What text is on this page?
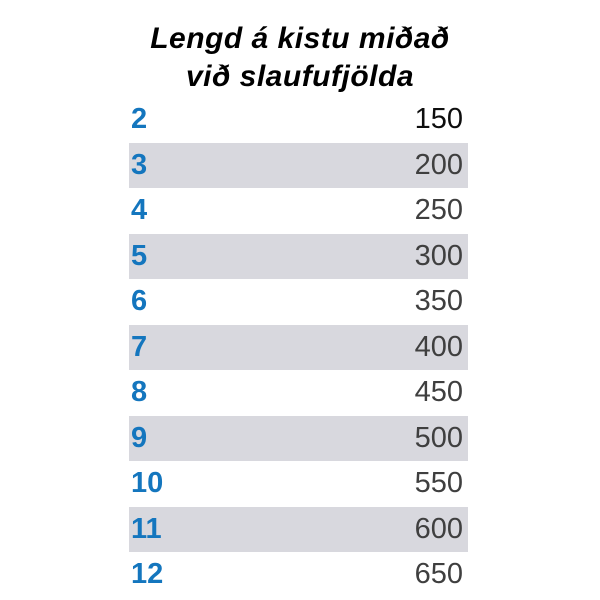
Lengd á kistu miðað
við slaufufjölda
2	150
3	200
4	250
5	300
6	350
7	400
8	450
9	500
10	550
11	600
12	650
